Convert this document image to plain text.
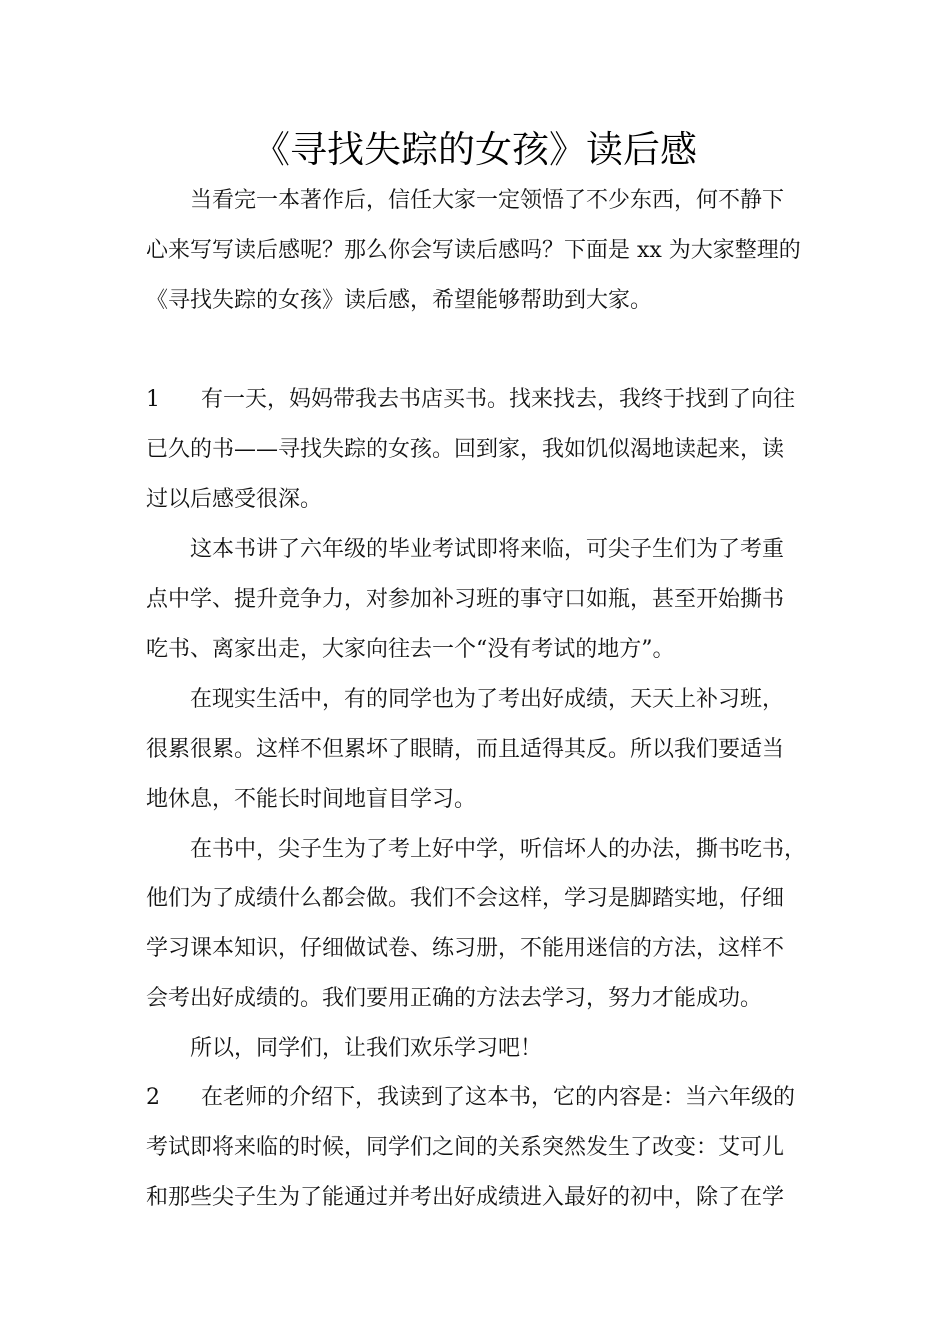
《寻找失踪的女孩》读后感

当看完一本著作后，信任大家一定领悟了不少东西，何不静下

心来写写读后感呢？那么你会写读后感吗？下面是 xx 为大家整理的

《寻找失踪的女孩》读后感，希望能够帮助到大家。

1 有一天，妈妈带我去书店买书。找来找去，我终于找到了向往

已久的书——寻找失踪的女孩。回到家，我如饥似渴地读起来，读

过以后感受很深。

这本书讲了六年级的毕业考试即将来临，可尖子生们为了考重

点中学、提升竞争力，对参加补习班的事守口如瓶，甚至开始撕书

吃书、离家出走，大家向往去一个“没有考试的地方”。

在现实生活中，有的同学也为了考出好成绩，天天上补习班，

很累很累。这样不但累坏了眼睛，而且适得其反。所以我们要适当

地休息，不能长时间地盲目学习。

在书中，尖子生为了考上好中学，听信坏人的办法，撕书吃书，

他们为了成绩什么都会做。我们不会这样，学习是脚踏实地，仔细

学习课本知识，仔细做试卷、练习册，不能用迷信的方法，这样不

会考出好成绩的。我们要用正确的方法去学习，努力才能成功。

所以，同学们，让我们欢乐学习吧！

2 在老师的介绍下，我读到了这本书，它的内容是：当六年级的

考试即将来临的时候，同学们之间的关系突然发生了改变：艾可儿

和那些尖子生为了能通过并考出好成绩进入最好的初中，除了在学
